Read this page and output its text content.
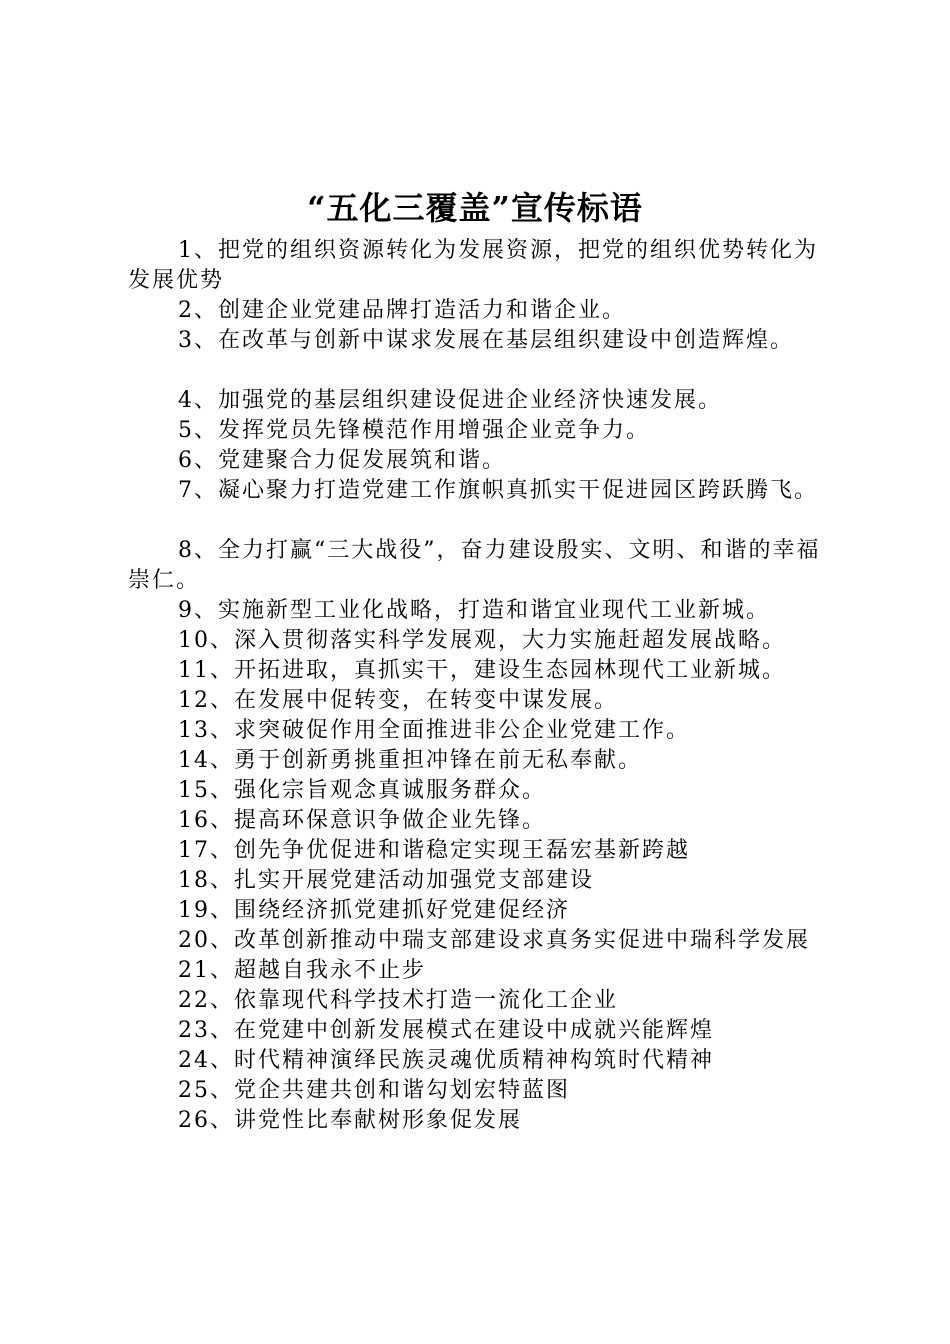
“五化三覆盖”宣传标语

1、把党的组织资源转化为发展资源，把党的组织优势转化为发展优势

2、创建企业党建品牌打造活力和谐企业。

3、在改革与创新中谋求发展在基层组织建设中创造辉煌。

4、加强党的基层组织建设促进企业经济快速发展。

5、发挥党员先锋模范作用增强企业竞争力。

6、党建聚合力促发展筑和谐。

7、凝心聚力打造党建工作旗帜真抓实干促进园区跨跃腾飞。

8、全力打赢“三大战役”，奋力建设殷实、文明、和谐的幸福崇仁。

9、实施新型工业化战略，打造和谐宜业现代工业新城。

10、深入贯彻落实科学发展观，大力实施赶超发展战略。

11、开拓进取，真抓实干，建设生态园林现代工业新城。

12、在发展中促转变，在转变中谋发展。

13、求突破促作用全面推进非公企业党建工作。

14、勇于创新勇挑重担冲锋在前无私奉献。

15、强化宗旨观念真诚服务群众。

16、提高环保意识争做企业先锋。

17、创先争优促进和谐稳定实现王磊宏基新跨越

18、扎实开展党建活动加强党支部建设

19、围绕经济抓党建抓好党建促经济

20、改革创新推动中瑞支部建设求真务实促进中瑞科学发展

21、超越自我永不止步

22、依靠现代科学技术打造一流化工企业

23、在党建中创新发展模式在建设中成就兴能辉煌

24、时代精神演绎民族灵魂优质精神构筑时代精神

25、党企共建共创和谐勾划宏特蓝图

26、讲党性比奉献树形象促发展
